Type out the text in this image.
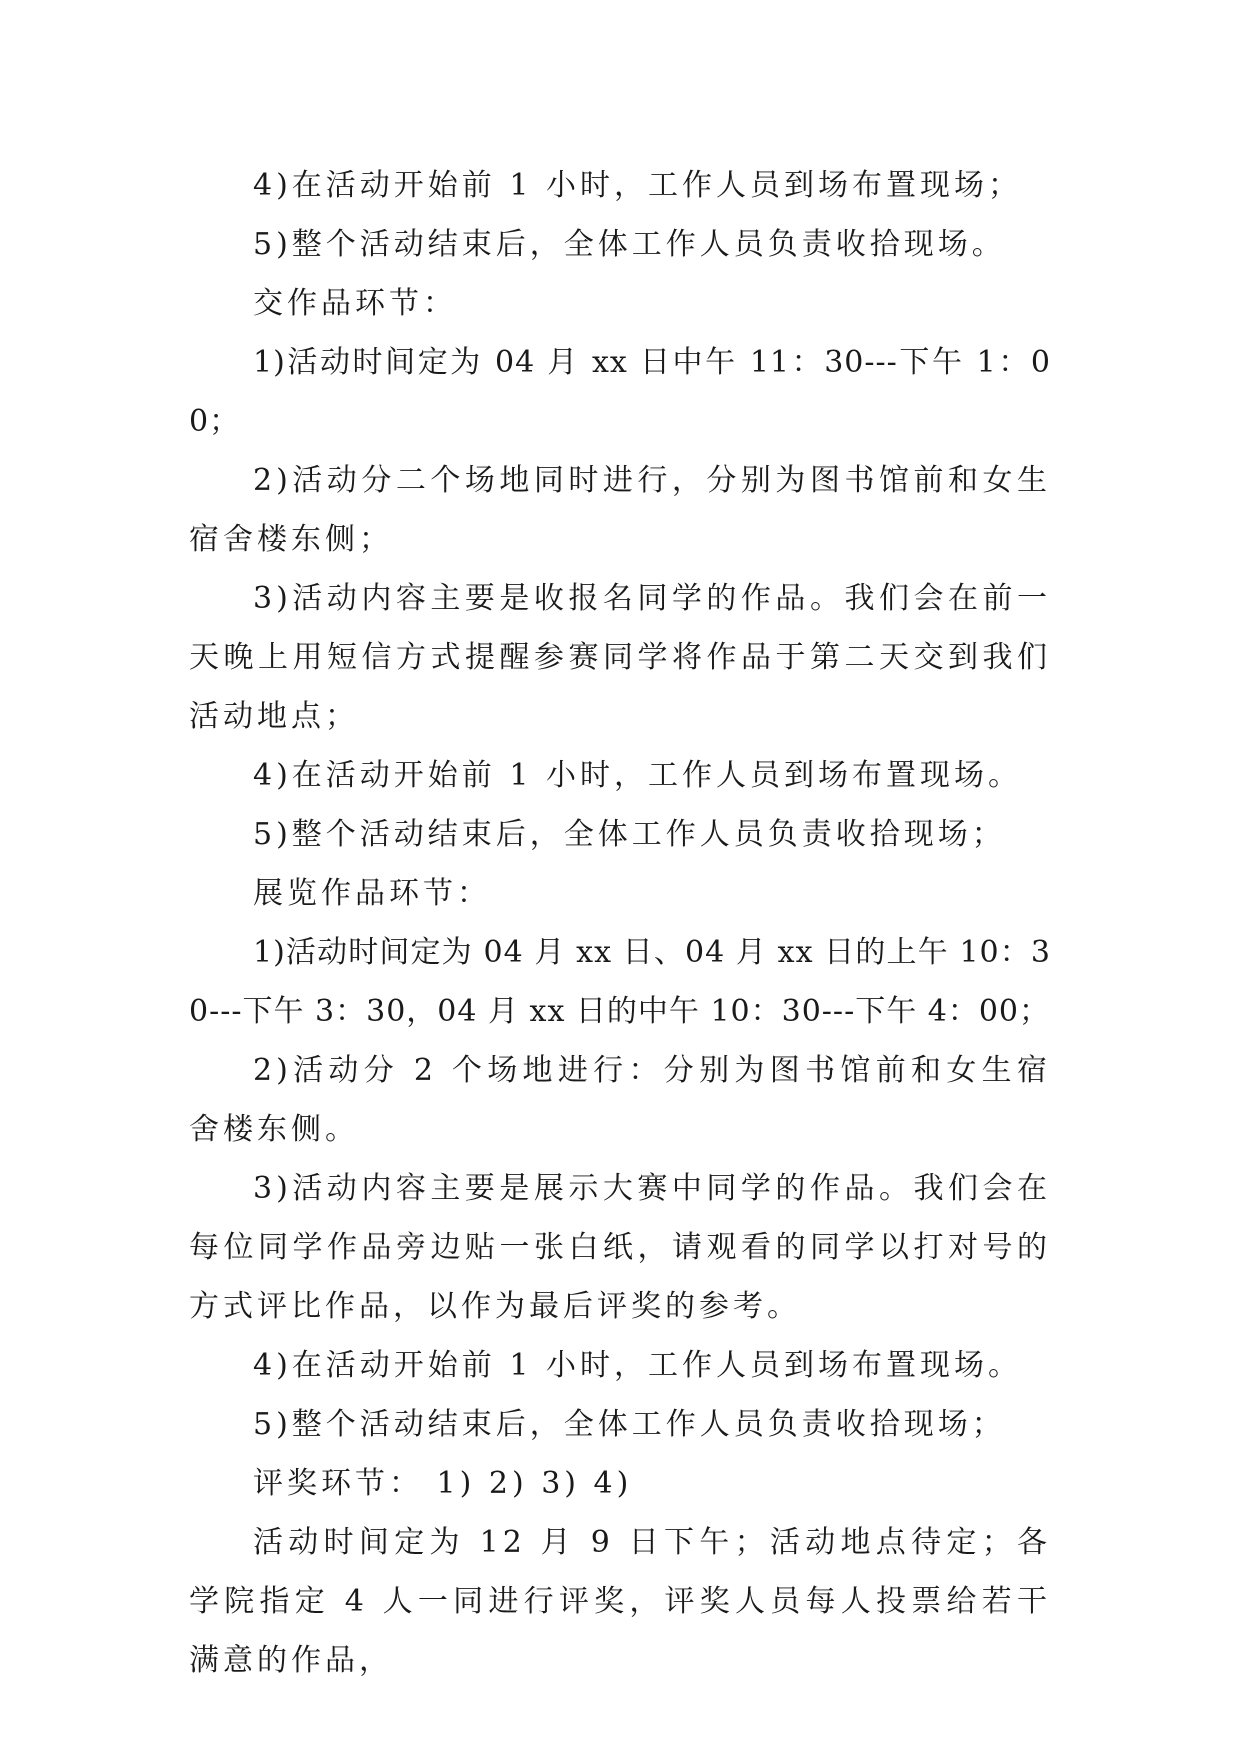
4)在活动开始前 1 小时，工作人员到场布置现场；

5)整个活动结束后，全体工作人员负责收拾现场。

交作品环节：

1)活动时间定为 04 月 xx 日中午 11：30---下午 1：00；

2)活动分二个场地同时进行，分别为图书馆前和女生宿舍楼东侧；

3)活动内容主要是收报名同学的作品。我们会在前一天晚上用短信方式提醒参赛同学将作品于第二天交到我们活动地点；

4)在活动开始前 1 小时，工作人员到场布置现场。

5)整个活动结束后，全体工作人员负责收拾现场；

展览作品环节：

1)活动时间定为 04 月 xx 日、04 月 xx 日的上午 10：30---下午 3：30，04 月 xx 日的中午 10：30---下午 4：00；

2)活动分 2 个场地进行：分别为图书馆前和女生宿舍楼东侧。

3)活动内容主要是展示大赛中同学的作品。我们会在每位同学作品旁边贴一张白纸，请观看的同学以打对号的方式评比作品，以作为最后评奖的参考。

4)在活动开始前 1 小时，工作人员到场布置现场。

5)整个活动结束后，全体工作人员负责收拾现场；

评奖环节： 1) 2) 3) 4)

活动时间定为 12 月 9 日下午；活动地点待定；各学院指定 4 人一同进行评奖，评奖人员每人投票给若干满意的作品，
